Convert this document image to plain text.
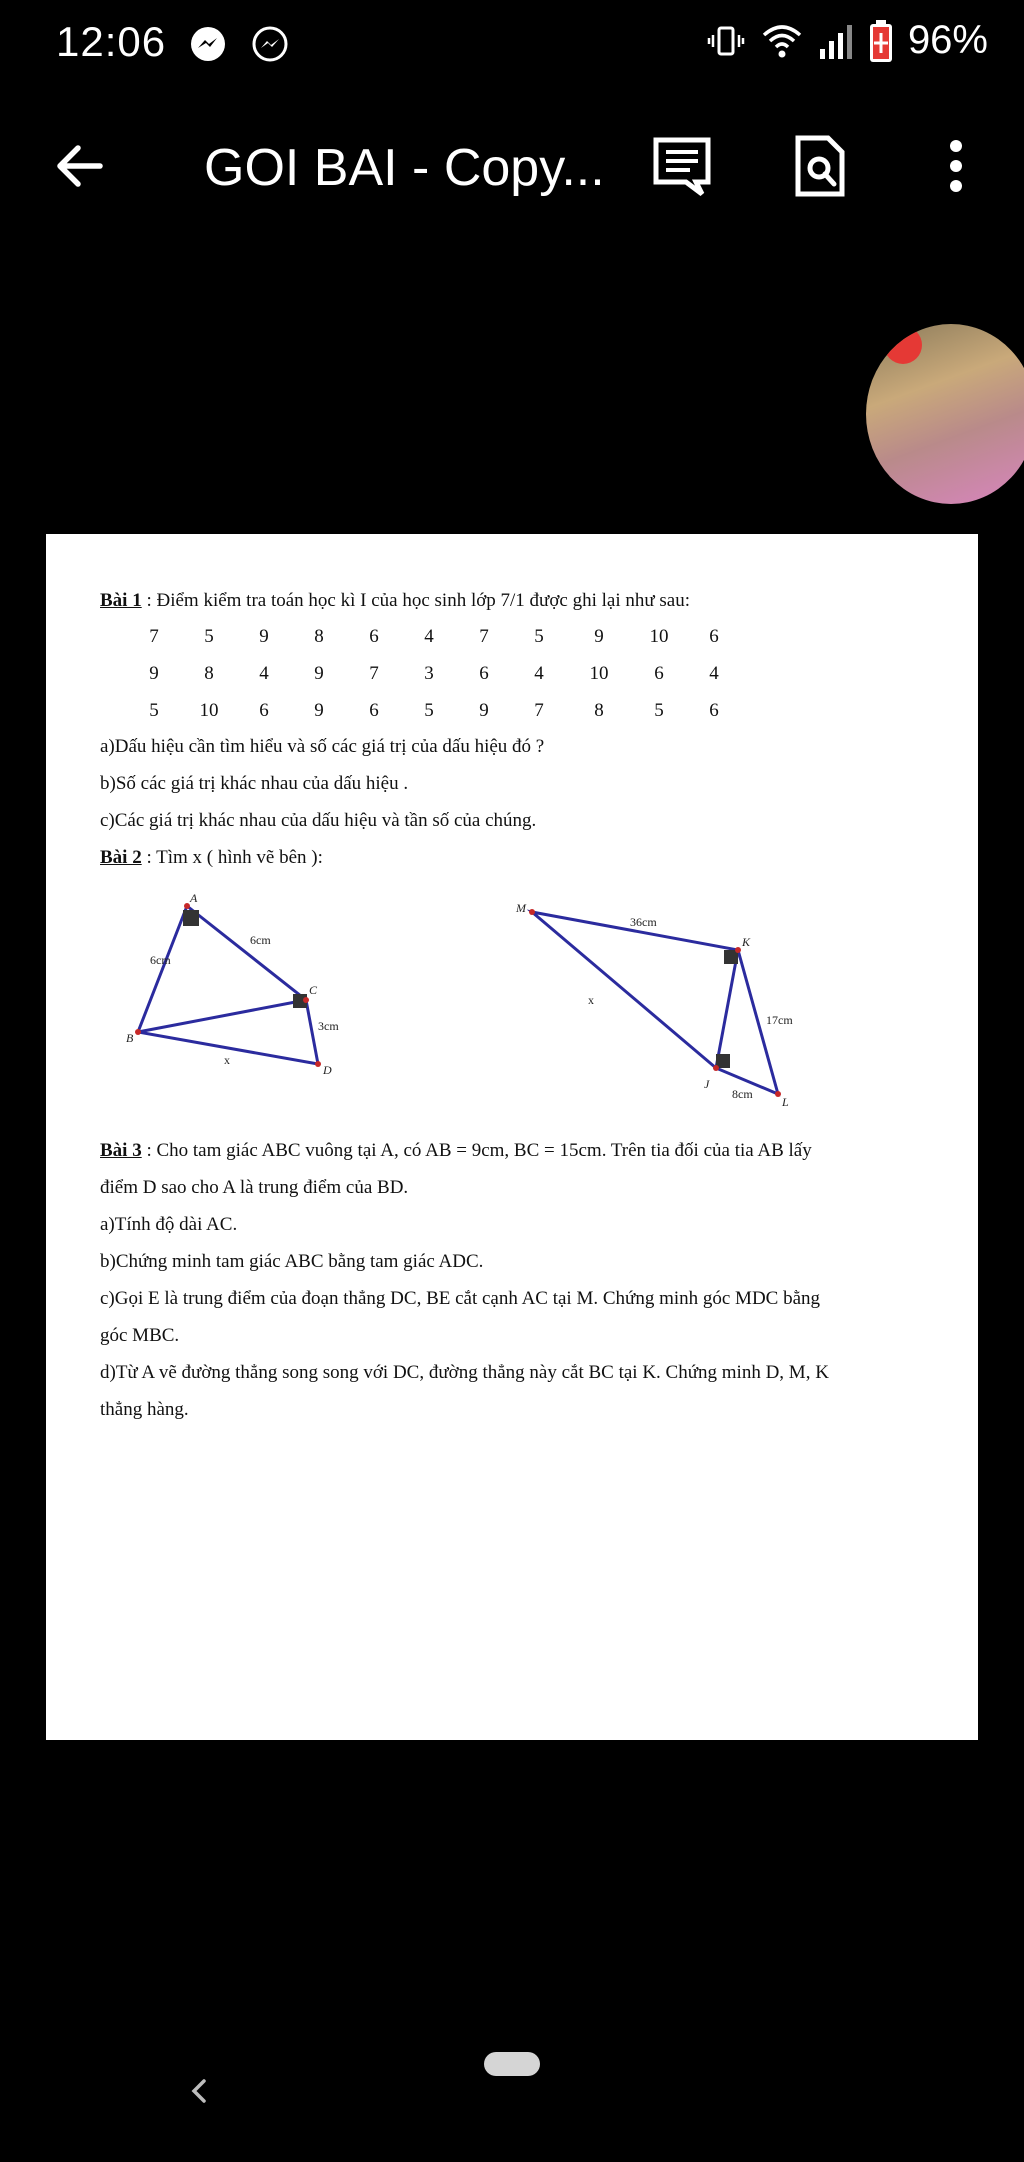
12:06	96%
GOI BAI - Copy...
Bài 1 : Điểm kiểm tra toán học kì I của học sinh lớp 7/1 được ghi lại như sau:
7	5	9	8	6	4	7	5	9	10	6
9	8	4	9	7	3	6	4	10	6	4
5	10	6	9	6	5	9	7	8	5	6
a)Dấu hiệu cần tìm hiểu và số các giá trị của dấu hiệu đó ?
b)Số các giá trị khác nhau của dấu hiệu .
c)Các giá trị khác nhau của dấu hiệu và tần số của chúng.
Bài 2 : Tìm x ( hình vẽ bên ):
A
B
C
D
6cm
6cm
3cm
x
M
K
J
L
36cm
17cm
8cm
x
Bài 3 : Cho tam giác ABC vuông tại A, có AB = 9cm, BC = 15cm. Trên tia đối của tia AB lấy
điểm D sao cho A là trung điểm của BD.
a)Tính độ dài AC.
b)Chứng minh tam giác ABC bằng tam giác ADC.
c)Gọi E là trung điểm của đoạn thẳng DC, BE cắt cạnh AC tại M. Chứng minh góc MDC bằng
góc MBC.
d)Từ A vẽ đường thẳng song song với DC, đường thẳng này cắt BC tại K. Chứng minh D, M, K
thẳng hàng.
